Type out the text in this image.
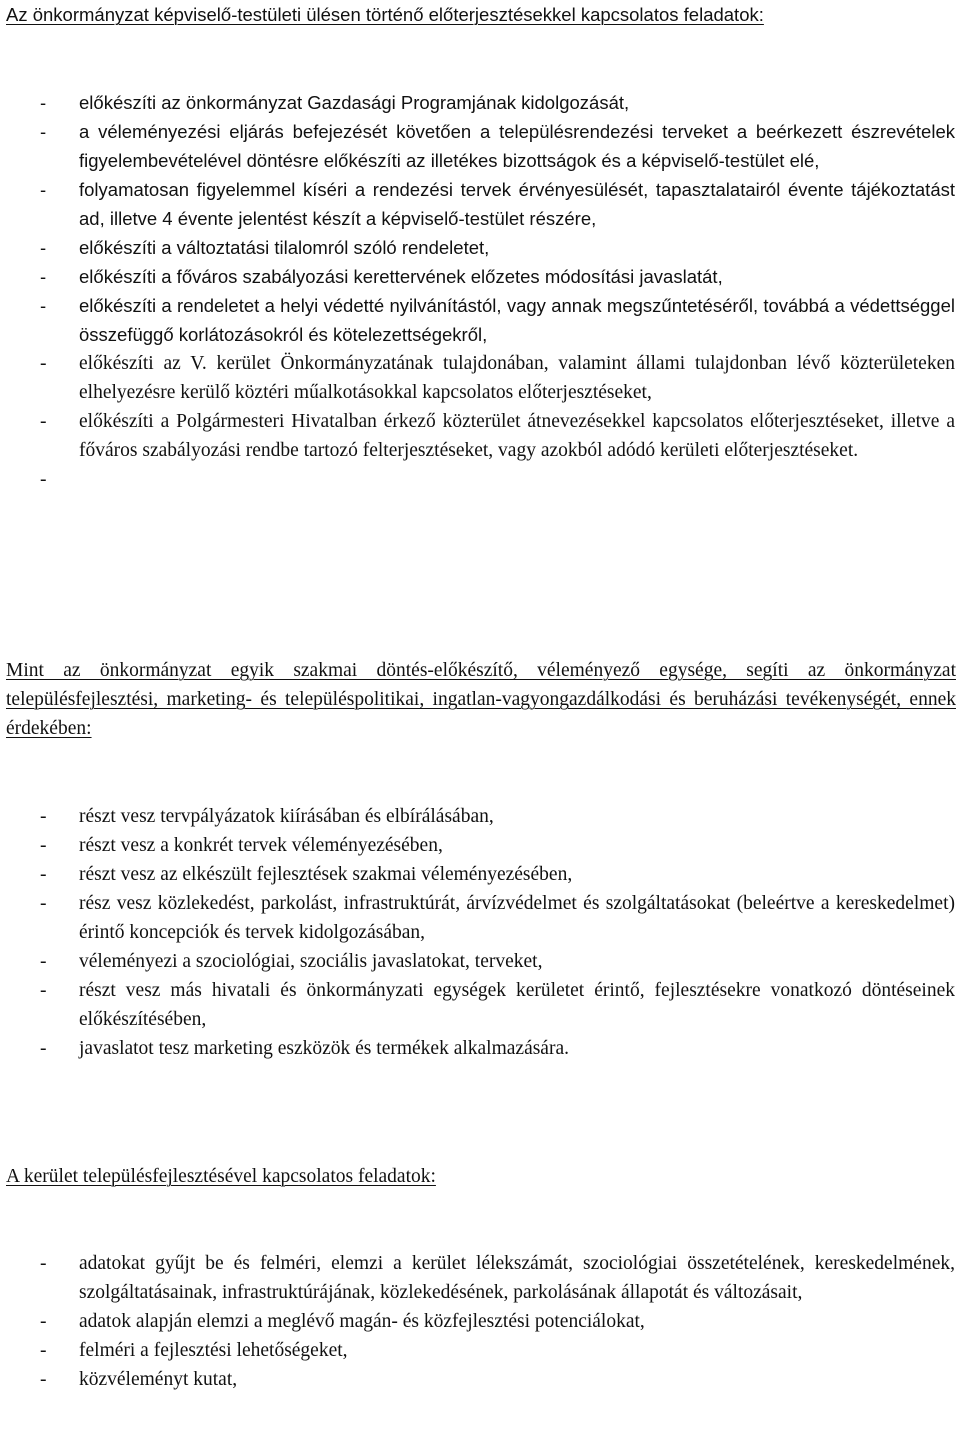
Az önkormányzat képviselő-testületi ülésen történő előterjesztésekkel kapcsolatos feladatok:
- előkészíti az önkormányzat Gazdasági Programjának kidolgozását,
- a véleményezési eljárás befejezését követően a településrendezési terveket a beérkezett észrevételek figyelembevételével döntésre előkészíti az illetékes bizottságok és a képviselő-testület elé,
- folyamatosan figyelemmel kíséri a rendezési tervek érvényesülését, tapasztalatairól évente tájékoztatást ad, illetve 4 évente jelentést készít a képviselő-testület részére,
- előkészíti a változtatási tilalomról szóló rendeletet,
- előkészíti a főváros szabályozási kerettervének előzetes módosítási javaslatát,
- előkészíti a rendeletet a helyi védetté nyilvánítástól, vagy annak megszűntetéséről, továbbá a védettséggel összefüggő korlátozásokról és kötelezettségekről,
- előkészíti az V. kerület Önkormányzatának tulajdonában, valamint állami tulajdonban lévő közterületeken elhelyezésre kerülő köztéri műalkotásokkal kapcsolatos előterjesztéseket,
- előkészíti a Polgármesteri Hivatalban érkező közterület átnevezésekkel kapcsolatos előterjesztéseket, illetve a főváros szabályozási rendbe tartozó felterjesztéseket, vagy azokból adódó kerületi előterjesztéseket.
-
Mint az önkormányzat egyik szakmai döntés-előkészítő, véleményező egysége, segíti az önkormányzat településfejlesztési, marketing- és településpolitikai, ingatlan-vagyongazdálkodási és beruházási tevékenységét, ennek érdekében:
- részt vesz tervpályázatok kiírásában és elbírálásában,
- részt vesz a konkrét tervek véleményezésében,
- részt vesz az elkészült fejlesztések szakmai véleményezésében,
- rész vesz közlekedést, parkolást, infrastruktúrát, árvízvédelmet és szolgáltatásokat (beleértve a kereskedelmet) érintő koncepciók és tervek kidolgozásában,
- véleményezi a szociológiai, szociális javaslatokat, terveket,
- részt vesz más hivatali és önkormányzati egységek kerületet érintő, fejlesztésekre vonatkozó döntéseinek előkészítésében,
- javaslatot tesz marketing eszközök és termékek alkalmazására.
A kerület településfejlesztésével kapcsolatos feladatok:
- adatokat gyűjt be és felméri, elemzi a kerület lélekszámát, szociológiai összetételének, kereskedelmének, szolgáltatásainak, infrastruktúrájának, közlekedésének, parkolásának állapotát és változásait,
- adatok alapján elemzi a meglévő magán- és közfejlesztési potenciálokat,
- felméri a fejlesztési lehetőségeket,
- közvéleményt kutat,
